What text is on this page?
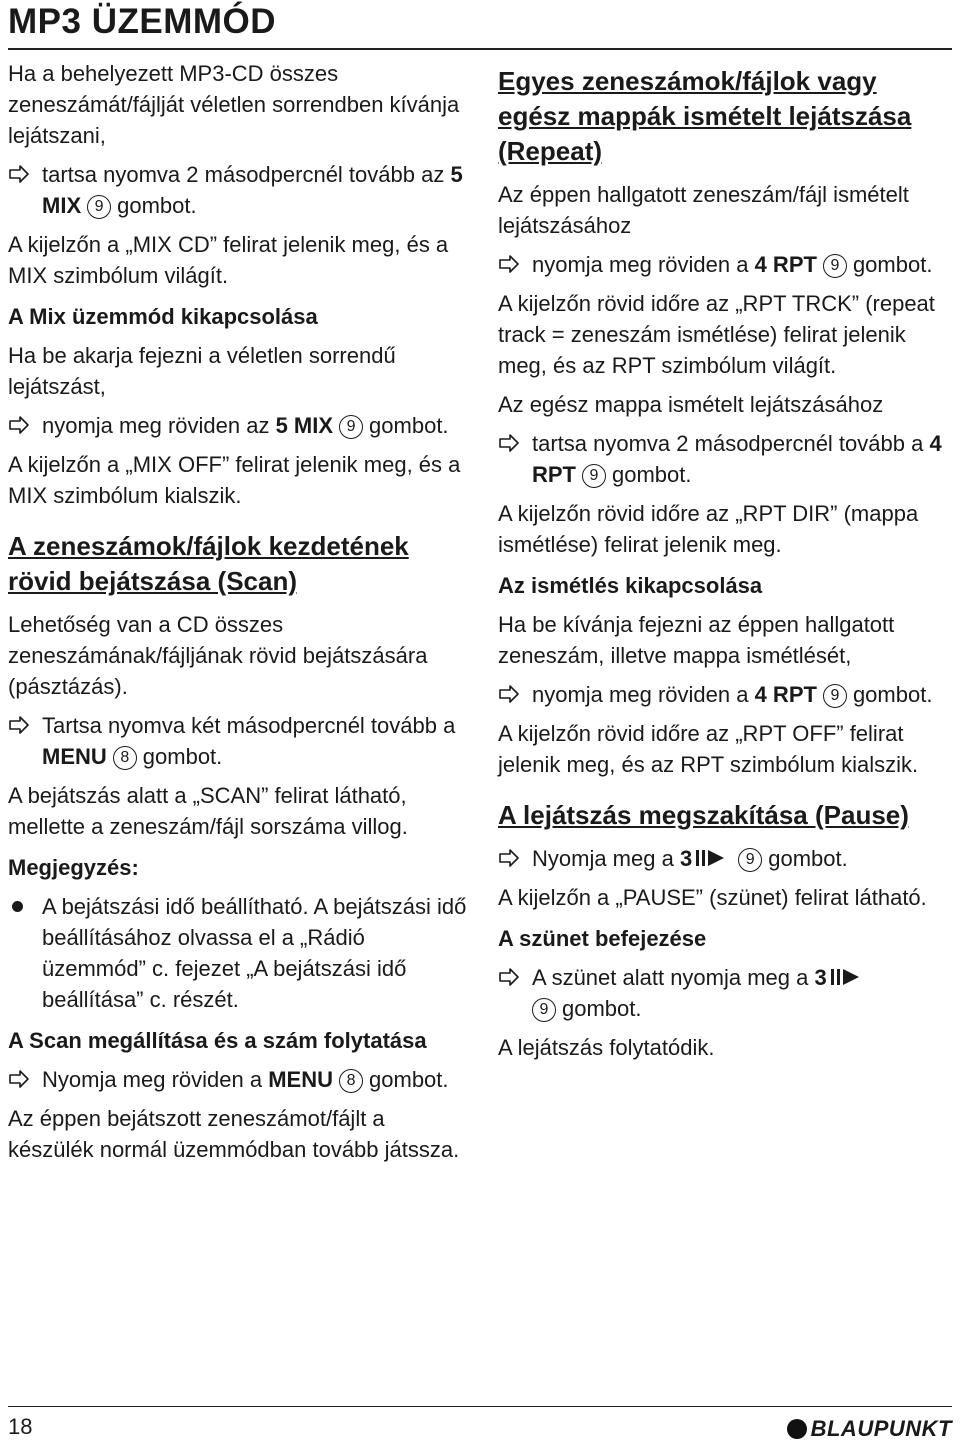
MP3 ÜZEMMÓD

Ha a behelyezett MP3-CD összes zeneszámát/fájlját véletlen sorrendben kívánja lejátszani,

tartsa nyomva 2 másodpercnél tovább az 5 MIX 9 gombot.

A kijelzőn a „MIX CD” felirat jelenik meg, és a MIX szimbólum világít.

A Mix üzemmód kikapcsolása

Ha be akarja fejezni a véletlen sorrendű lejátszást,

nyomja meg röviden az 5 MIX 9 gombot.

A kijelzőn a „MIX OFF” felirat jelenik meg, és a MIX szimbólum kialszik.

A zeneszámok/fájlok kezdetének rövid bejátszása (Scan)

Lehetőség van a CD összes zeneszámának/fájljának rövid bejátszására (pásztázás).

Tartsa nyomva két másodpercnél tovább a MENU 8 gombot.

A bejátszás alatt a „SCAN” felirat látható, mellette a zeneszám/fájl sorszáma villog.

Megjegyzés:
A bejátszási idő beállítható. A bejátszási idő beállításához olvassa el a „Rádió üzemmód” c. fejezet „A bejátszási idő beállítása” c. részét.
A Scan megállítása és a szám folytatása
Nyomja meg röviden a MENU 8 gombot.

Az éppen bejátszott zeneszámot/fájlt a készülék normál üzemmódban tovább játssza.

Egyes zeneszámok/fájlok vagy egész mappák ismételt lejátszása (Repeat)

Az éppen hallgatott zeneszám/fájl ismételt lejátszásához

nyomja meg röviden a 4 RPT 9 gombot.

A kijelzőn rövid időre az „RPT TRCK” (repeat track = zeneszám ismétlése) felirat jelenik meg, és az RPT szimbólum világít.

Az egész mappa ismételt lejátszásához

tartsa nyomva 2 másodpercnél tovább a 4 RPT 9 gombot.

A kijelzőn rövid időre az „RPT DIR” (mappa ismétlése) felirat jelenik meg.

Az ismétlés kikapcsolása

Ha be kívánja fejezni az éppen hallgatott zeneszám, illetve mappa ismétlését,

nyomja meg röviden a 4 RPT 9 gombot.

A kijelzőn rövid időre az „RPT OFF” felirat jelenik meg, és az RPT szimbólum kialszik.

A lejátszás megszakítása (Pause)
Nyomja meg a 3	9 gombot.

A kijelzőn a „PAUSE” (szünet) felirat látható.

A szünet befejezése
A szünet alatt nyomja meg a 3
9 gombot.

A lejátszás folytatódik.

18	BLAUPUNKT
